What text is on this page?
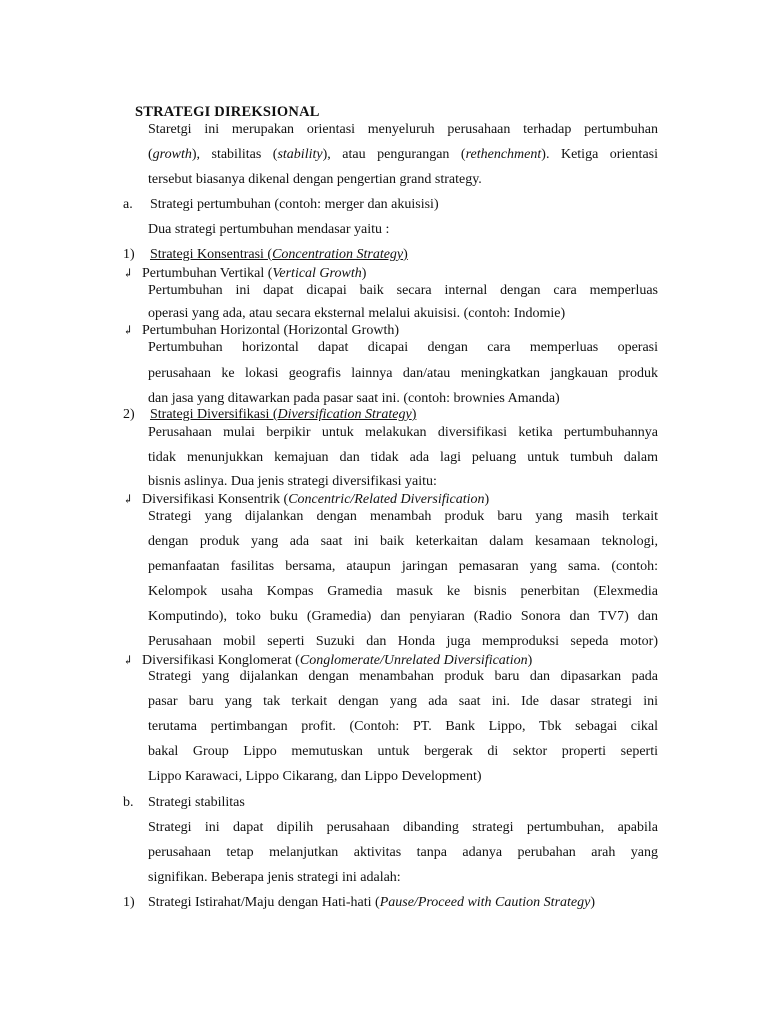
STRATEGI DIREKSIONAL
Staretgi ini merupakan orientasi menyeluruh perusahaan terhadap pertumbuhan
(growth), stabilitas (stability), atau pengurangan (rethenchment). Ketiga orientasi
tersebut biasanya dikenal dengan pengertian grand strategy.
a. Strategi pertumbuhan (contoh: merger dan akuisisi)
Dua strategi pertumbuhan mendasar yaitu :
1) Strategi Konsentrasi (Concentration Strategy)
↲ Pertumbuhan Vertikal (Vertical Growth)
Pertumbuhan ini dapat dicapai baik secara internal dengan cara memperluas
operasi yang ada, atau secara eksternal melalui akuisisi. (contoh: Indomie)
↲ Pertumbuhan Horizontal (Horizontal Growth)
Pertumbuhan horizontal dapat dicapai dengan cara memperluas operasi
perusahaan ke lokasi geografis lainnya dan/atau meningkatkan jangkauan produk
dan jasa yang ditawarkan pada pasar saat ini. (contoh: brownies Amanda)
2) Strategi Diversifikasi (Diversification Strategy)
Perusahaan mulai berpikir untuk melakukan diversifikasi ketika pertumbuhannya
tidak menunjukkan kemajuan dan tidak ada lagi peluang untuk tumbuh dalam
bisnis aslinya. Dua jenis strategi diversifikasi yaitu:
↲ Diversifikasi Konsentrik (Concentric/Related Diversification)
Strategi yang dijalankan dengan menambah produk baru yang masih terkait
dengan produk yang ada saat ini baik keterkaitan dalam kesamaan teknologi,
pemanfaatan fasilitas bersama, ataupun jaringan pemasaran yang sama. (contoh:
Kelompok usaha Kompas Gramedia masuk ke bisnis penerbitan (Elexmedia
Komputindo), toko buku (Gramedia) dan penyiaran (Radio Sonora dan TV7) dan
Perusahaan mobil seperti Suzuki dan Honda juga memproduksi sepeda motor)
↲ Diversifikasi Konglomerat (Conglomerate/Unrelated Diversification)
Strategi yang dijalankan dengan menambahan produk baru dan dipasarkan pada
pasar baru yang tak terkait dengan yang ada saat ini. Ide dasar strategi ini
terutama pertimbangan profit. (Contoh: PT. Bank Lippo, Tbk sebagai cikal
bakal Group Lippo memutuskan untuk bergerak di sektor properti seperti
Lippo Karawaci, Lippo Cikarang, dan Lippo Development)
b. Strategi stabilitas
Strategi ini dapat dipilih perusahaan dibanding strategi pertumbuhan, apabila
perusahaan tetap melanjutkan aktivitas tanpa adanya perubahan arah yang
signifikan. Beberapa jenis strategi ini adalah:
1) Strategi Istirahat/Maju dengan Hati-hati (Pause/Proceed with Caution Strategy)
